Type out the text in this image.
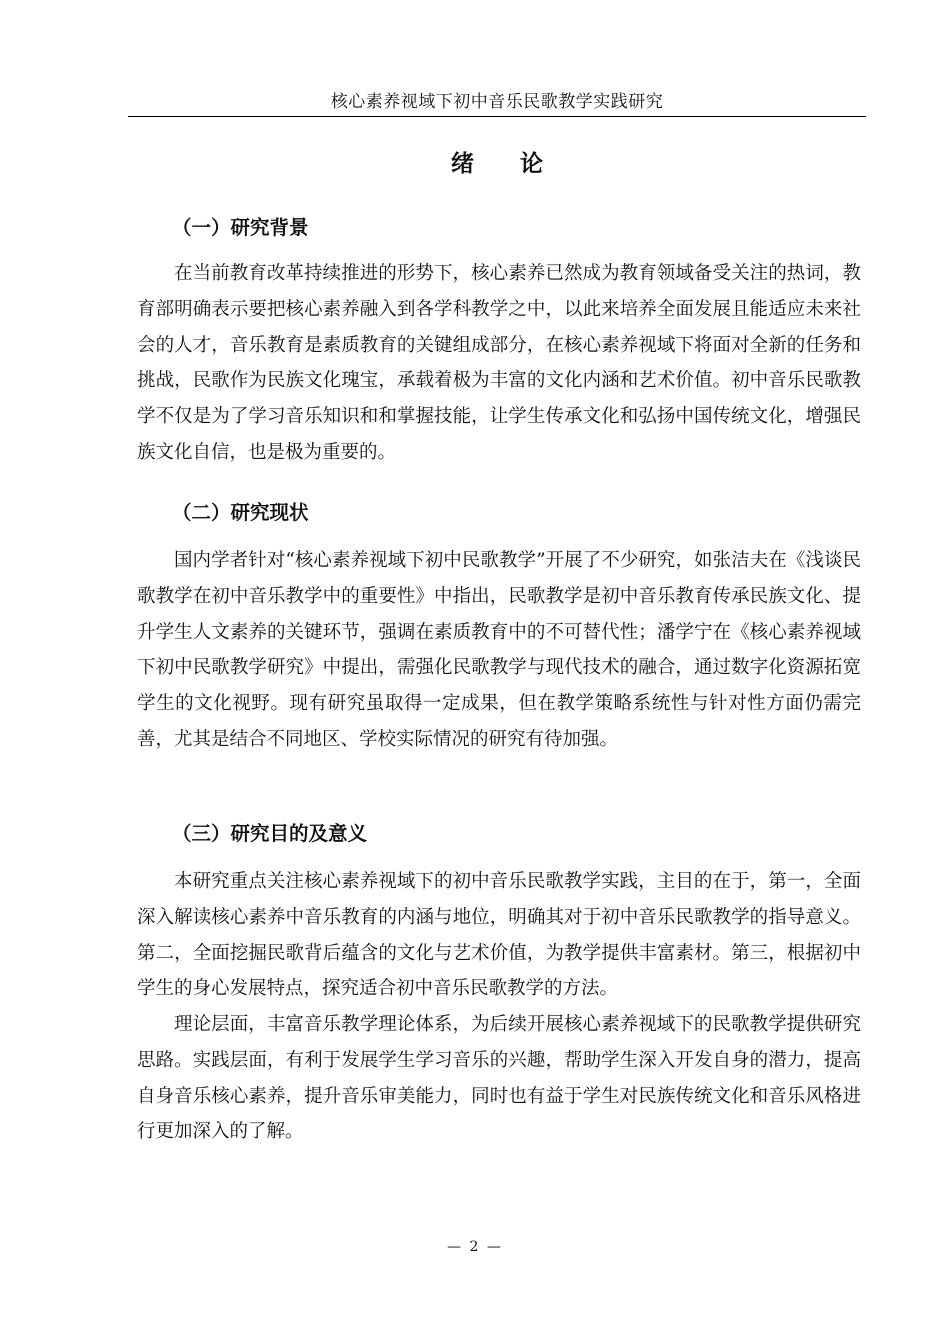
核心素养视域下初中音乐民歌教学实践研究
绪 论
（一）研究背景

在当前教育改革持续推进的形势下，核心素养已然成为教育领域备受关注的热词，教育部明确表示要把核心素养融入到各学科教学之中，以此来培养全面发展且能适应未来社会的人才，音乐教育是素质教育的关键组成部分，在核心素养视域下将面对全新的任务和挑战，民歌作为民族文化瑰宝，承载着极为丰富的文化内涵和艺术价值。初中音乐民歌教学不仅是为了学习音乐知识和和掌握技能，让学生传承文化和弘扬中国传统文化，增强民族文化自信，也是极为重要的。

（二）研究现状

国内学者针对“核心素养视域下初中民歌教学”开展了不少研究，如张洁夫在《浅谈民歌教学在初中音乐教学中的重要性》中指出，民歌教学是初中音乐教育传承民族文化、提升学生人文素养的关键环节，强调在素质教育中的不可替代性；潘学宁在《核心素养视域下初中民歌教学研究》中提出，需强化民歌教学与现代技术的融合，通过数字化资源拓宽学生的文化视野。现有研究虽取得一定成果，但在教学策略系统性与针对性方面仍需完善，尤其是结合不同地区、学校实际情况的研究有待加强。

（三）研究目的及意义

本研究重点关注核心素养视域下的初中音乐民歌教学实践，主目的在于，第一，全面深入解读核心素养中音乐教育的内涵与地位，明确其对于初中音乐民歌教学的指导意义。第二，全面挖掘民歌背后蕴含的文化与艺术价值，为教学提供丰富素材。第三，根据初中学生的身心发展特点，探究适合初中音乐民歌教学的方法。

理论层面，丰富音乐教学理论体系，为后续开展核心素养视域下的民歌教学提供研究思路。实践层面，有利于发展学生学习音乐的兴趣，帮助学生深入开发自身的潜力，提高自身音乐核心素养，提升音乐审美能力，同时也有益于学生对民族传统文化和音乐风格进行更加深入的了解。

— 2 —
